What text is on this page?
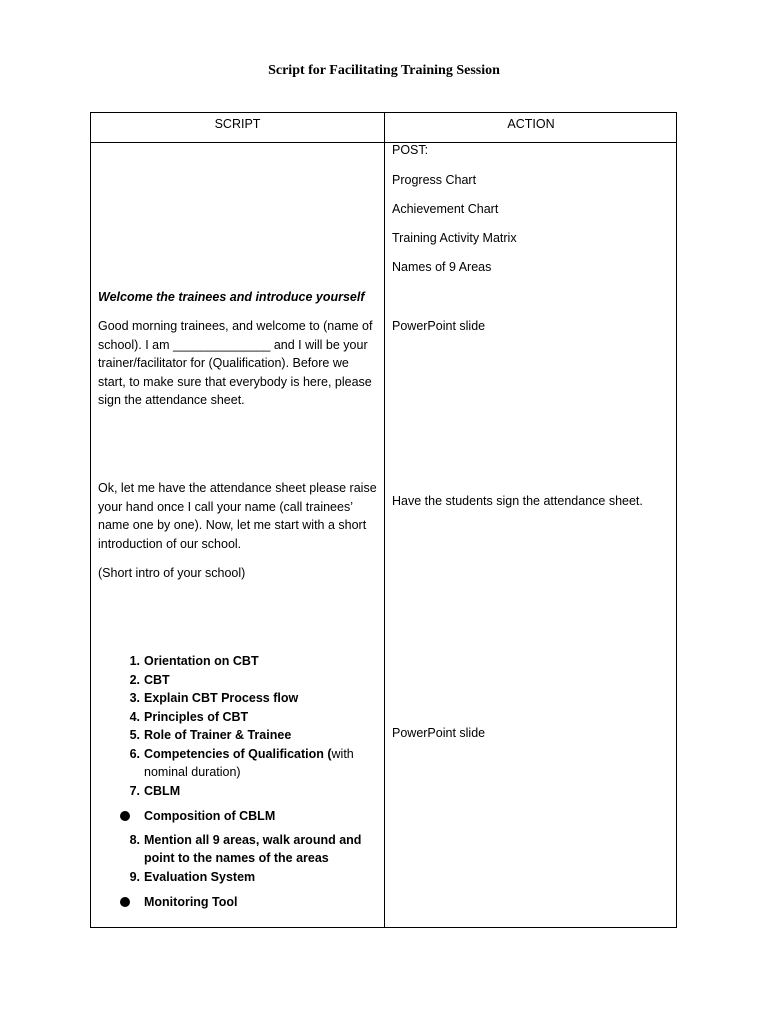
Script for Facilitating Training Session
SCRIPT	ACTION
POST:
Progress Chart
Achievement Chart
Training Activity Matrix
Names of 9 Areas
Welcome the trainees and introduce yourself
Good morning trainees, and welcome to (name of school). I am ______________ and I will be your trainer/facilitator for (Qualification). Before we start, to make sure that everybody is here, please sign the attendance sheet.
PowerPoint slide
Ok, let me have the attendance sheet please raise your hand once I call your name (call trainees’ name one by one). Now, let me start with a short introduction of our school.
Have the students sign the attendance sheet.
(Short intro of your school)
1. Orientation on CBT
2. CBT
3. Explain CBT Process flow
4. Principles of CBT
5. Role of Trainer & Trainee
6. Competencies of Qualification (with nominal duration)
7. CBLM
Composition of CBLM
8. Mention all 9 areas, walk around and point to the names of the areas
9. Evaluation System
Monitoring Tool
PowerPoint slide
